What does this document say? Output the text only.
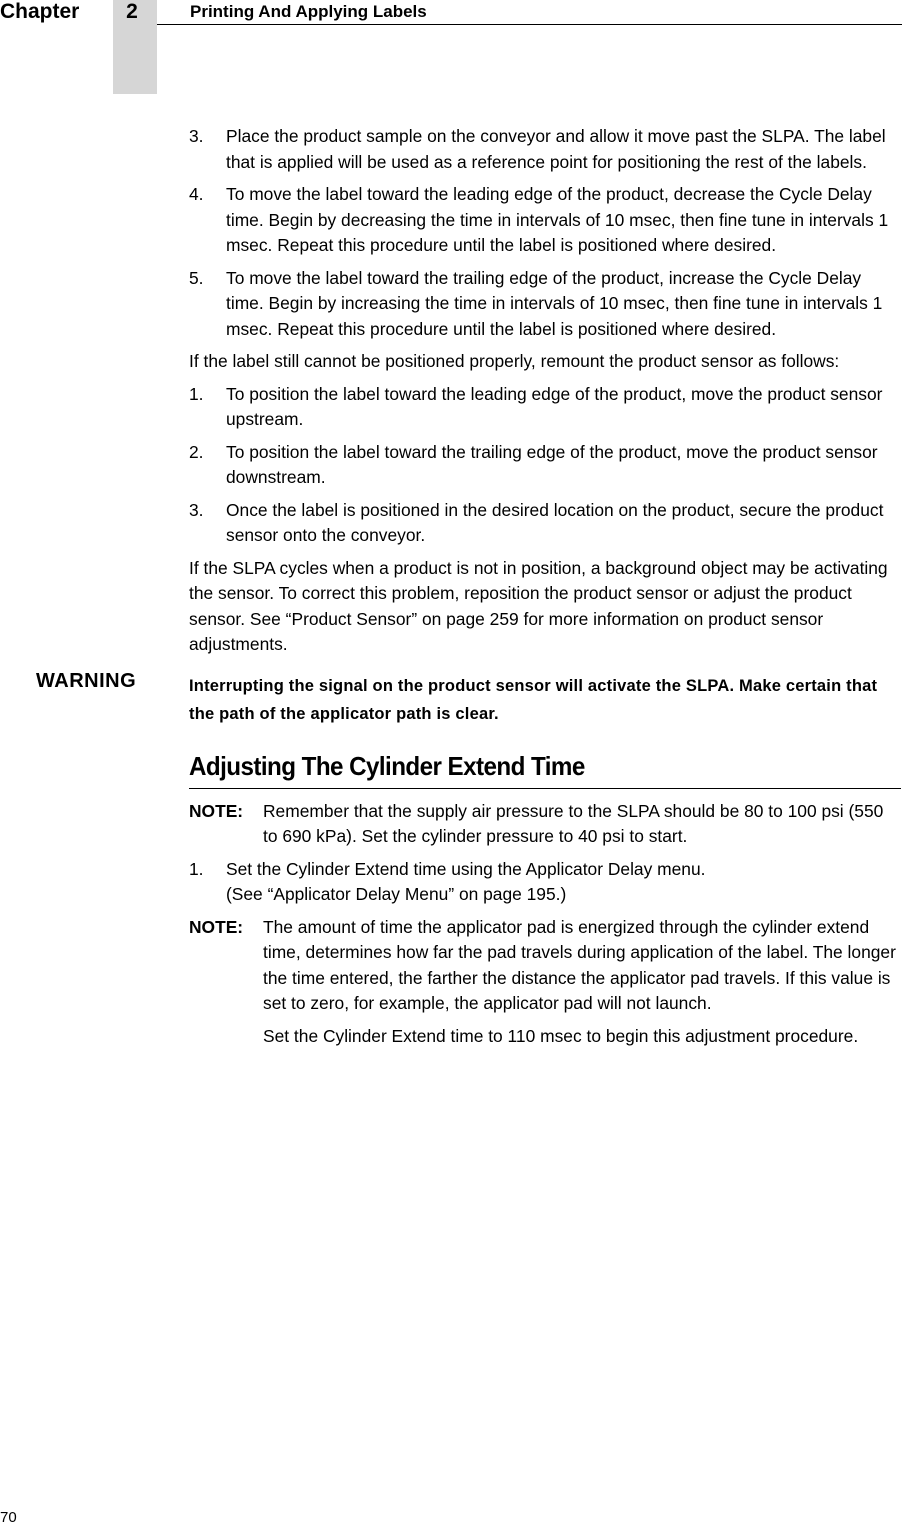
Chapter	2	Printing And Applying Labels
3.	Place the product sample on the conveyor and allow it move past the SLPA. The label that is applied will be used as a reference point for positioning the rest of the labels.
4.	To move the label toward the leading edge of the product, decrease the Cycle Delay time. Begin by decreasing the time in intervals of 10 msec, then fine tune in intervals 1 msec. Repeat this procedure until the label is positioned where desired.
5.	To move the label toward the trailing edge of the product, increase the Cycle Delay time. Begin by increasing the time in intervals of 10 msec, then fine tune in intervals 1 msec. Repeat this procedure until the label is positioned where desired.

If the label still cannot be positioned properly, remount the product sensor as follows:

1.	To position the label toward the leading edge of the product, move the product sensor upstream.
2.	To position the label toward the trailing edge of the product, move the product sensor downstream.
3.	Once the label is positioned in the desired location on the product, secure the product sensor onto the conveyor.

If the SLPA cycles when a product is not in position, a background object may be activating the sensor. To correct this problem, reposition the product sensor or adjust the product sensor. See “Product Sensor” on page 259 for more information on product sensor adjustments.

WARNING	Interrupting the signal on the product sensor will activate the SLPA. Make certain that the path of the applicator path is clear.
Adjusting The Cylinder Extend Time
NOTE:	Remember that the supply air pressure to the SLPA should be 80 to 100 psi (550 to 690 kPa). Set the cylinder pressure to 40 psi to start.
1.	Set the Cylinder Extend time using the Applicator Delay menu.
(See “Applicator Delay Menu” on page 195.)
NOTE:	The amount of time the applicator pad is energized through the cylinder extend time, determines how far the pad travels during application of the label. The longer the time entered, the farther the distance the applicator pad travels. If this value is set to zero, for example, the applicator pad will not launch.
Set the Cylinder Extend time to 110 msec to begin this adjustment procedure.
70
